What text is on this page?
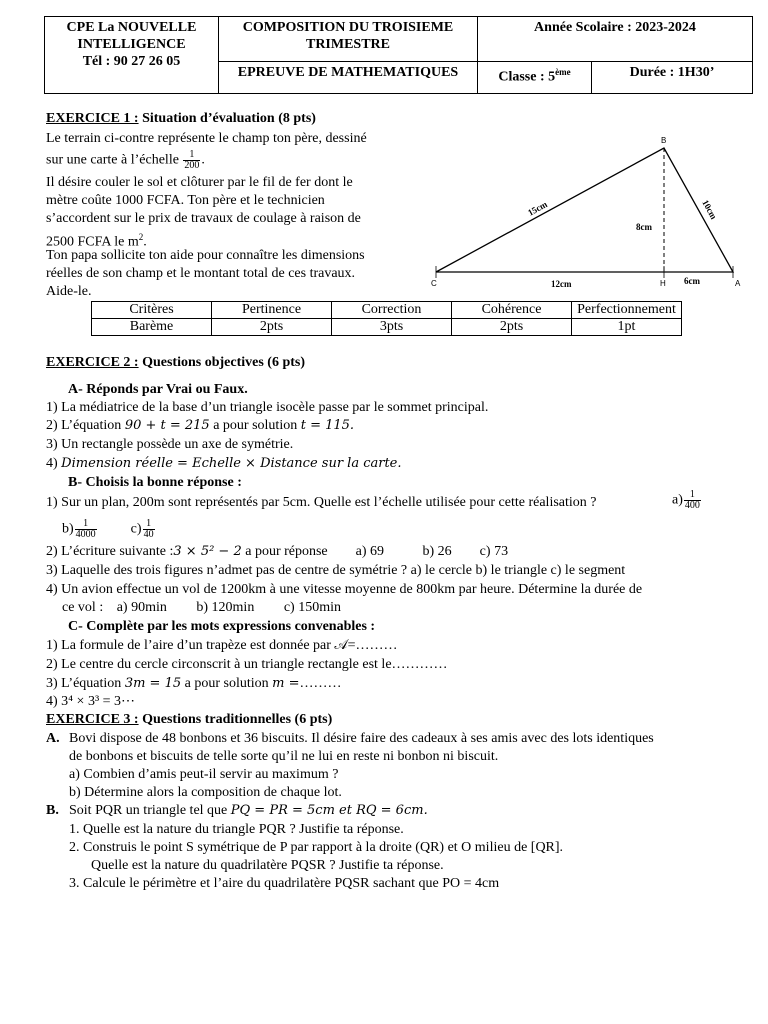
CPE La NOUVELLE INTELLIGENCE
Tél : 90 27 26 05	COMPOSITION DU TROISIEME TRIMESTRE	Année Scolaire : 2023-2024	
	EPREUVE DE MATHEMATIQUES	Classe : 5ème	Durée : 1H30’
EXERCICE 1 : Situation d’évaluation (8 pts)
Le terrain ci-contre représente le champ ton père, dessiné
sur une carte à l’échelle $\frac{1}{200}$ .
Il désire couler le sol et clôturer par le fil de fer dont le
mètre coûte 1000 FCFA. Ton père et le technicien
s’accordent sur le prix de travaux de coulage à raison de
2500 FCFA le $m^2$.
Ton papa sollicite ton aide pour connaître les dimensions
réelles de son champ et le montant total de ces travaux.
Aide-le.
B
C	H	A
15cm	10cm
8cm
12cm	6cm
Critères	Pertinence	Correction	Cohérence	Perfectionnement
Barème	2pts	3pts	2pts	1pt
EXERCICE 2 : Questions objectives (6 pts)
A- Réponds par Vrai ou Faux.
1) La médiatrice de la base d’un triangle isocèle passe par le sommet principal.
2) L’équation 90 + t = 215 a pour solution t = 115.
3) Un rectangle possède un axe de symétrie.
4) Dimension réelle = Echelle × Distance sur la carte.
B- Choisis la bonne réponse :
1) Sur un plan, 200m sont représentés par 5cm. Quelle est l’échelle utilisée pour cette réalisation ?	$a) \frac{1}{400}$
$b) \frac{1}{4000} c) \frac{1}{40}$
2) L’écriture suivante :3 × 5² − 2 a pour réponse        a) 69           b) 26        c) 73
3) Laquelle des trois figures n’admet pas de centre de symétrie ? a) le cercle b) le triangle c) le segment
4) Un avion effectue un vol de 1200km à une vitesse moyenne de 800km par heure. Détermine la durée de
ce vol : a) 90min b) 120min c) 150min
C- Complète par les mots expressions convenables :
1) La formule de l’aire d’un trapèze est donnée par 𝒜=………
2) Le centre du cercle circonscrit à un triangle rectangle est le…………
3) L’équation 3m = 15 a pour solution m =………
4) 3⁴ × 3³ = 3⋯
EXERCICE 3 : Questions traditionnelles (6 pts)
A. Bovi dispose de 48 bonbons et 36 biscuits. Il désire faire des cadeaux à ses amis avec des lots identiques
de bonbons et biscuits de telle sorte qu’il ne lui en reste ni bonbon ni biscuit.
a) Combien d’amis peut-il servir au maximum ?
b) Détermine alors la composition de chaque lot.
B. Soit PQR un triangle tel que PQ = PR = 5cm et RQ = 6cm.
1. Quelle est la nature du triangle PQR ? Justifie ta réponse.
2. Construis le point S symétrique de P par rapport à la droite (QR) et O milieu de [QR].
Quelle est la nature du quadrilatère PQSR ? Justifie ta réponse.
3. Calcule le périmètre et l’aire du quadrilatère PQSR sachant que PO = 4cm
